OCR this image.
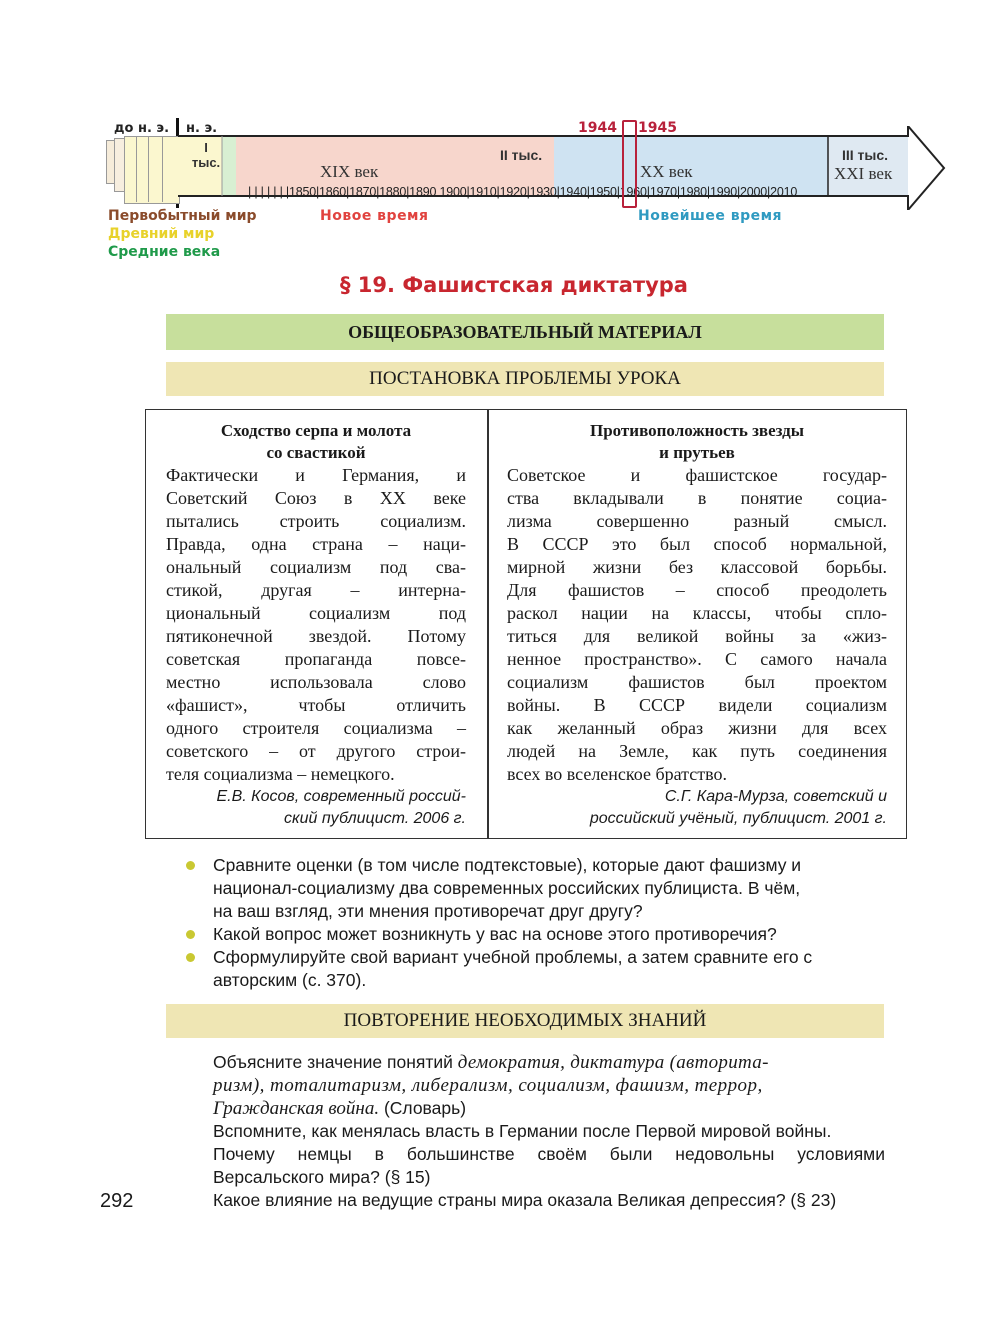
до н. э. н. э.	1944 1945
I
тыс.	XIX век
II тыс.
XX век
III тыс.
XXI век
| | | | | | |1850|1860|1870|1880|1890 1900|1910|1920|1930|1940|1950|1960|1970|1980|1990|2000|2010
Первобытный мир
Древний мир
Средние века
Новое время	Новейшее время
§ 19. Фашистская диктатура
ОБЩЕОБРАЗОВАТЕЛЬНЫЙ МАТЕРИАЛ
ПОСТАНОВКА ПРОБЛЕМЫ УРОКА
Сходство серпа и молота
со свастикой
Фактически и Германия, и
Советский Союз в XX веке
пытались строить социализм.
Правда, одна страна – наци-
ональный социализм под сва-
стикой, другая – интерна-
циональный социализм под
пятиконечной звездой. Потому
советская пропаганда повсе-
местно использовала слово
«фашист», чтобы отличить
одного строителя социализма –
советского – от другого строи-
теля социализма – немецкого.
Е.В. Косов, современный россий-
ский публицист. 2006 г.
Противоположность звезды
и прутьев
Советское и фашистское государ-
ства вкладывали в понятие социа-
лизма совершенно разный смысл.
В СССР это был способ нормальной,
мирной жизни без классовой борьбы.
Для фашистов – способ преодолеть
раскол нации на классы, чтобы спло-
титься для великой войны за «жиз-
ненное пространство». С самого начала
социализм фашистов был проектом
войны. В СССР видели социализм
как желанный образ жизни для всех
людей на Земле, как путь соединения
всех во вселенское братство.
С.Г. Кара-Мурза, советский и
российский учёный, публицист. 2001 г.
Сравните оценки (в том числе подтекстовые), которые дают фашизму и
национал-социализму два современных российских публициста. В чём,
на ваш взгляд, эти мнения противоречат друг другу?
Какой вопрос может возникнуть у вас на основе этого противоречия?
Сформулируйте свой вариант учебной проблемы, а затем сравните его с
авторским (с. 370).
ПОВТОРЕНИЕ НЕОБХОДИМЫХ ЗНАНИЙ
Объясните значение понятий демократия, диктатура (авторита-
ризм), тоталитаризм, либерализм, социализм, фашизм, террор,
Гражданская война. (Словарь)
Вспомните, как менялась власть в Германии после Первой мировой войны.
Почему немцы в большинстве своём были недовольны условиями
Версальского мира? (§ 15)
Какое влияние на ведущие страны мира оказала Великая депрессия? (§ 23)
292
